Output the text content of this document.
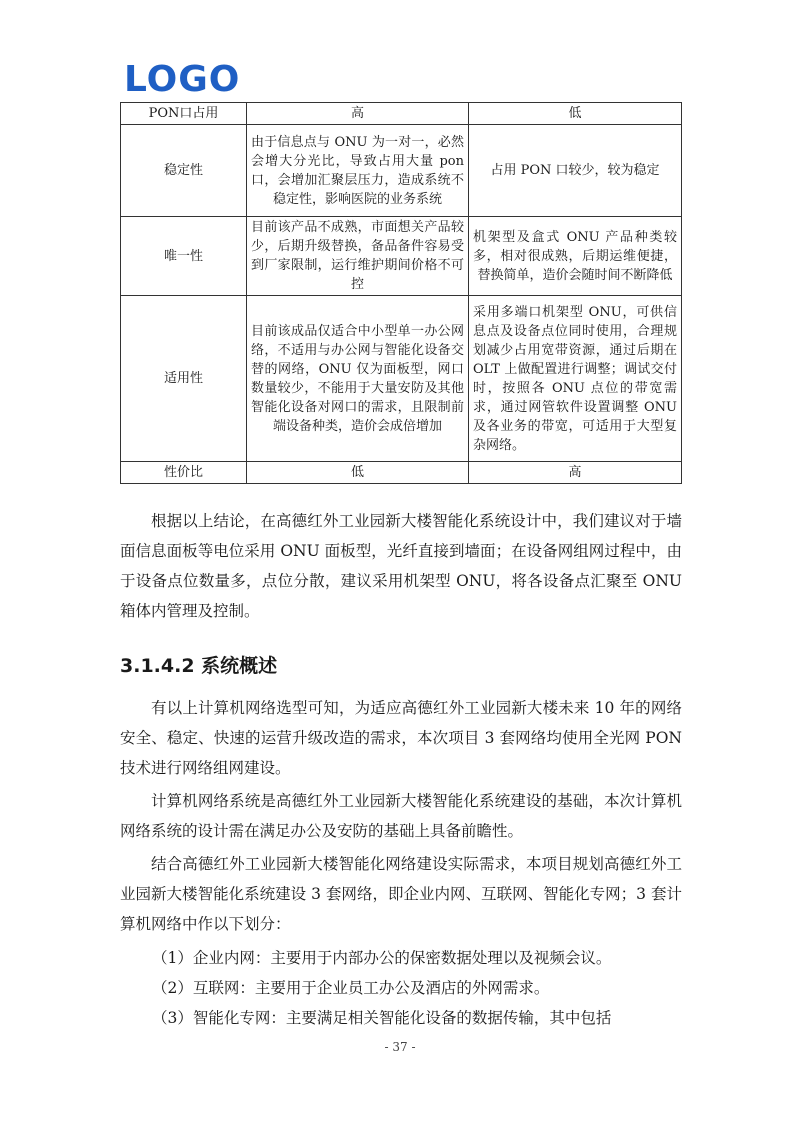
LOGO
PON口占用	高	低
稳定性	由于信息点与 ONU 为一对一，必然会增大分光比，导致占用大量 pon 口，会增加汇聚层压力，造成系统不稳定性，影响医院的业务系统	占用 PON 口较少，较为稳定
唯一性	目前该产品不成熟，市面想关产品较少，后期升级替换，备品备件容易受到厂家限制，运行维护期间价格不可控	机架型及盒式 ONU 产品种类较多，相对很成熟，后期运维便捷，替换简单，造价会随时间不断降低
适用性	目前该成品仅适合中小型单一办公网络，不适用与办公网与智能化设备交替的网络，ONU 仅为面板型，网口数量较少，不能用于大量安防及其他智能化设备对网口的需求，且限制前端设备种类，造价会成倍增加	采用多端口机架型 ONU，可供信息点及设备点位同时使用，合理规划减少占用宽带资源，通过后期在 OLT 上做配置进行调整；调试交付时，按照各 ONU 点位的带宽需求，通过网管软件设置调整 ONU 及各业务的带宽，可适用于大型复杂网络。
性价比	低	高
根据以上结论，在高德红外工业园新大楼智能化系统设计中，我们建议对于墙面信息面板等电位采用 ONU 面板型，光纤直接到墙面；在设备网组网过程中，由于设备点位数量多，点位分散，建议采用机架型 ONU，将各设备点汇聚至 ONU 箱体内管理及控制。
3.1.4.2 系统概述
有以上计算机网络选型可知，为适应高德红外工业园新大楼未来 10 年的网络安全、稳定、快速的运营升级改造的需求，本次项目 3 套网络均使用全光网 PON 技术进行网络组网建设。
计算机网络系统是高德红外工业园新大楼智能化系统建设的基础，本次计算机网络系统的设计需在满足办公及安防的基础上具备前瞻性。
结合高德红外工业园新大楼智能化网络建设实际需求，本项目规划高德红外工业园新大楼智能化系统建设 3 套网络，即企业内网、互联网、智能化专网；3 套计算机网络中作以下划分：
（1）企业内网：主要用于内部办公的保密数据处理以及视频会议。
（2）互联网：主要用于企业员工办公及酒店的外网需求。
（3）智能化专网：主要满足相关智能化设备的数据传输，其中包括
- 37 -
